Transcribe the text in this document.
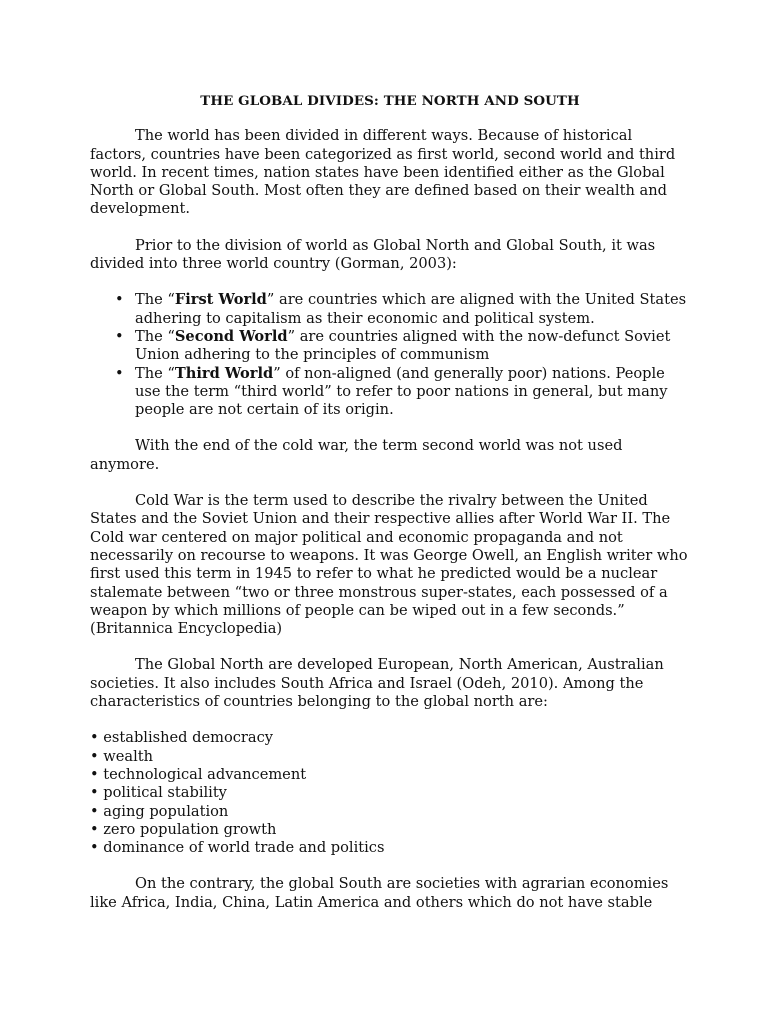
THE GLOBAL DIVIDES: THE NORTH AND SOUTH

The world has been divided in different ways. Because of historical factors, countries have been categorized as first world, second world and third world. In recent times, nation states have been identified either as the Global North or Global South. Most often they are defined based on their wealth and development.

Prior to the division of world as Global North and Global South, it was divided into three world country (Gorman, 2003):

• The “First World” are countries which are aligned with the United States adhering to capitalism as their economic and political system.
• The “Second World” are countries aligned with the now-defunct Soviet Union adhering to the principles of communism
• The “Third World” of non-aligned (and generally poor) nations. People use the term “third world” to refer to poor nations in general, but many people are not certain of its origin.

With the end of the cold war, the term second world was not used anymore.

Cold War is the term used to describe the rivalry between the United States and the Soviet Union and their respective allies after World War II. The Cold war centered on major political and economic propaganda and not necessarily on recourse to weapons. It was George Owell, an English writer who first used this term in 1945 to refer to what he predicted would be a nuclear stalemate between “two or three monstrous super-states, each possessed of a weapon by which millions of people can be wiped out in a few seconds.” (Britannica Encyclopedia)

The Global North are developed European, North American, Australian societies. It also includes South Africa and Israel (Odeh, 2010). Among the characteristics of countries belonging to the global north are:

• established democracy
• wealth
• technological advancement
• political stability
• aging population
• zero population growth
• dominance of world trade and politics

On the contrary, the global South are societies with agrarian economies like Africa, India, China, Latin America and others which do not have stable
